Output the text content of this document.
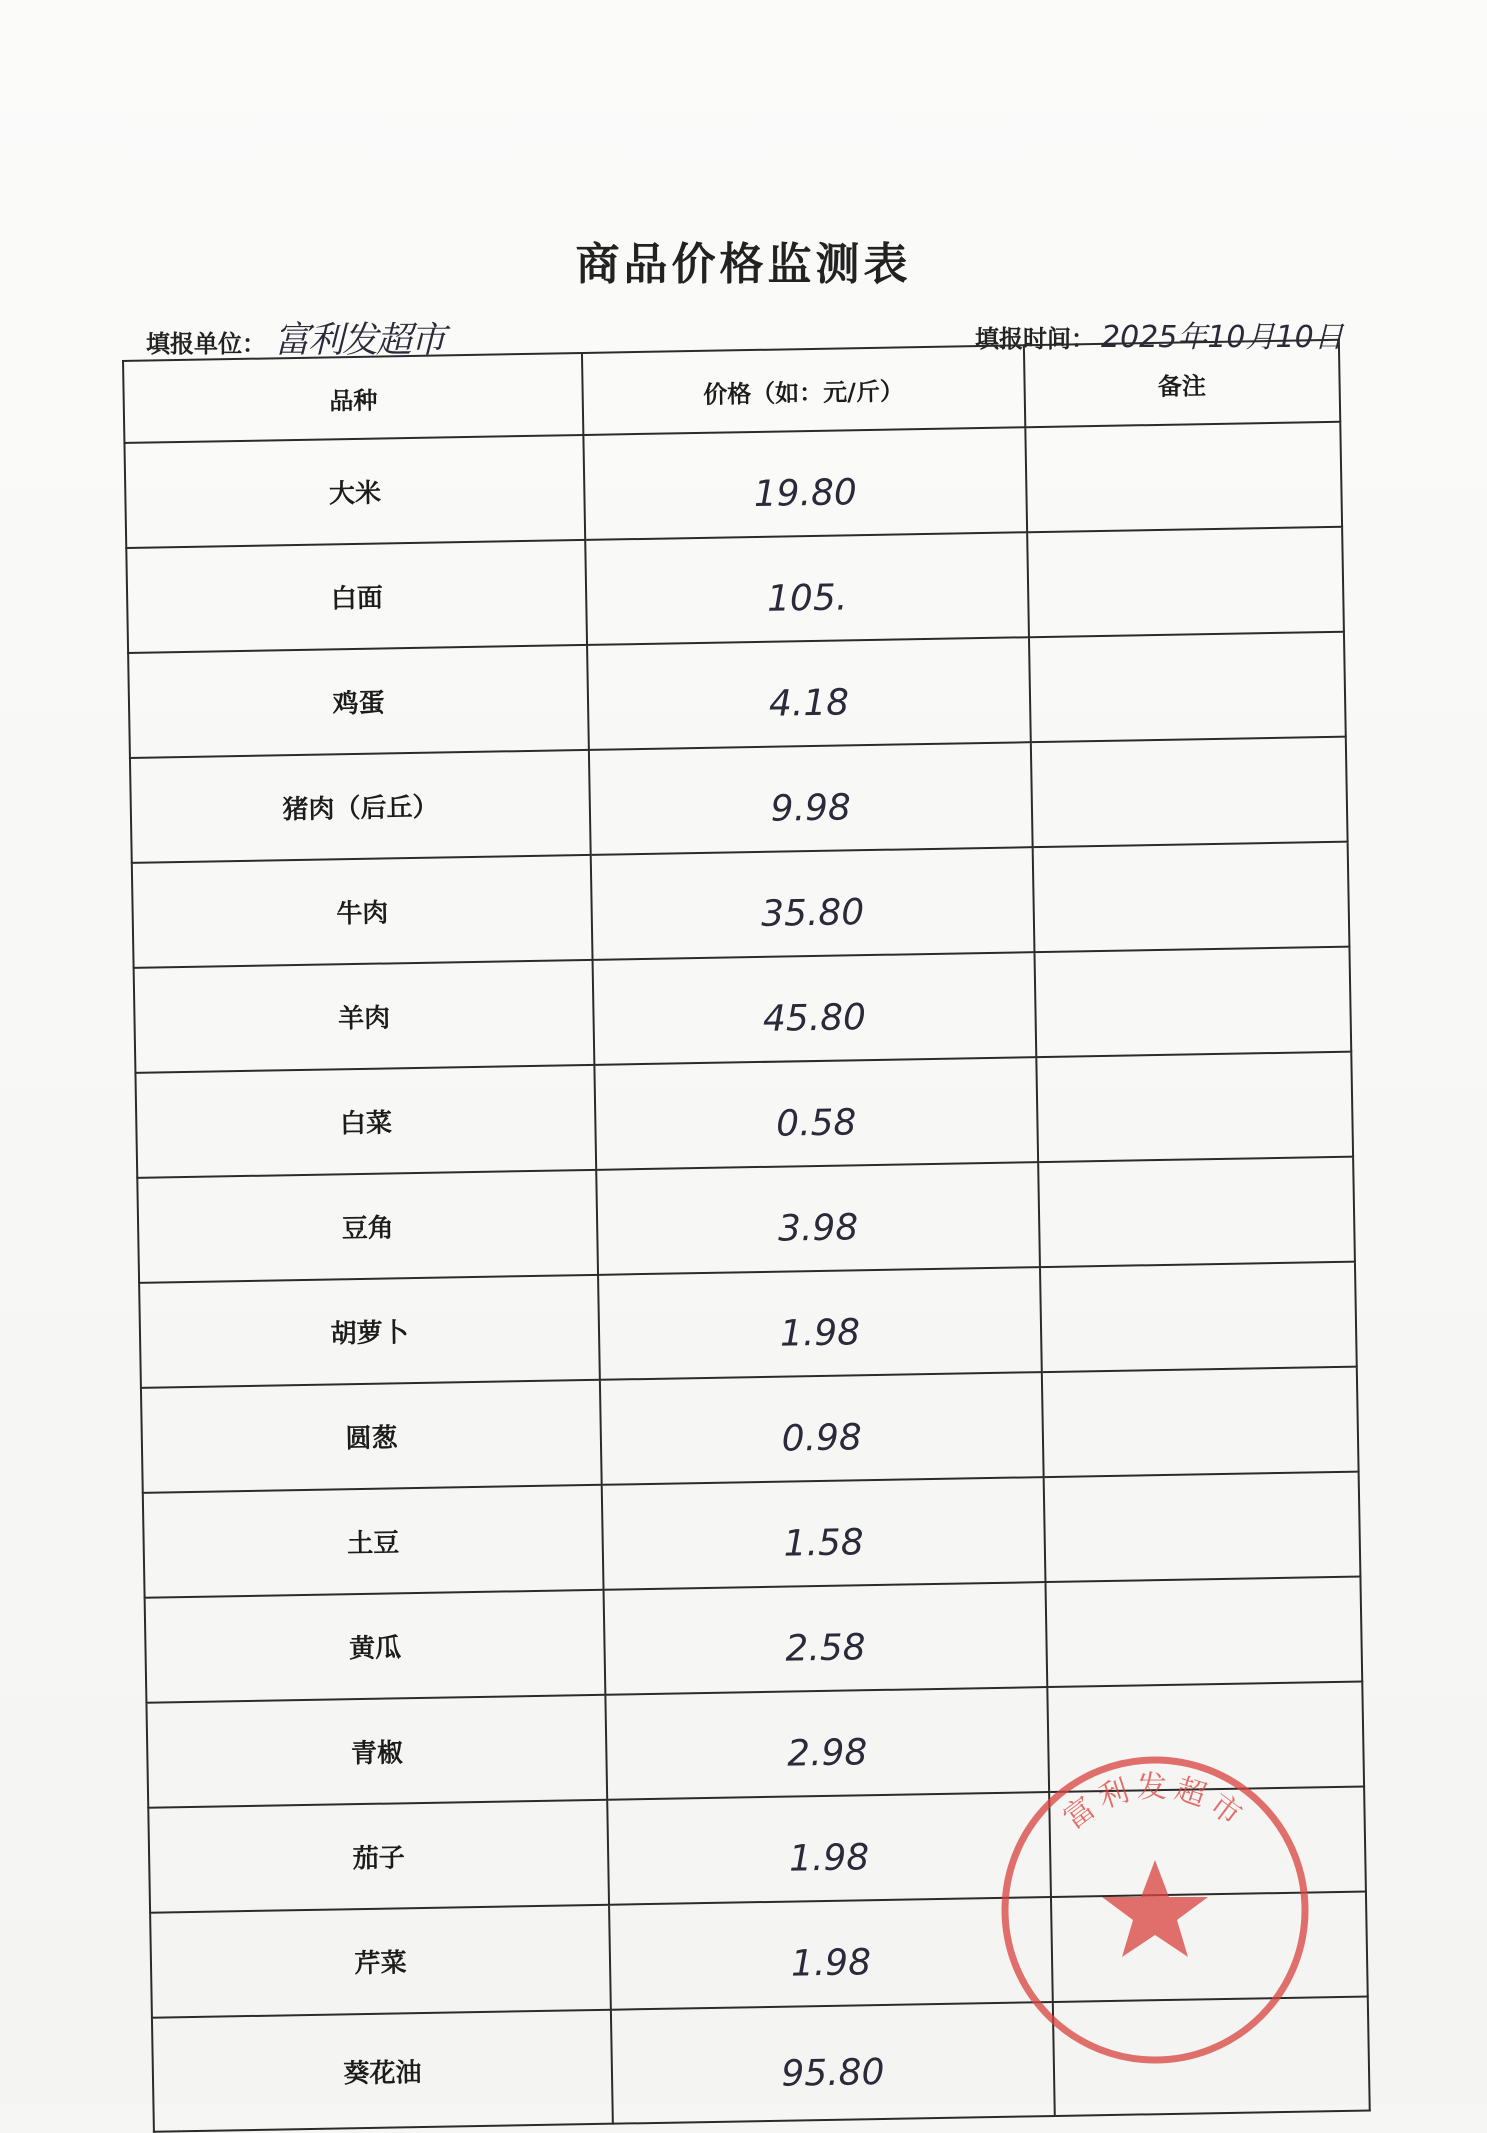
商品价格监测表
填报单位： 富利发超市	填报时间： 2025年10月10日
品种	价格（如：元/斤）	备注
大米	19.80	
白面	105.	
鸡蛋	4.18	
猪肉（后丘）	9.98	
牛肉	35.80	
羊肉	45.80	
白菜	0.58	
豆角	3.98	
胡萝卜	1.98	
圆葱	0.98	
土豆	1.58	
黄瓜	2.58	
青椒	2.98	
茄子	1.98	
芹菜	1.98	
葵花油	95.80	
富利发超市
